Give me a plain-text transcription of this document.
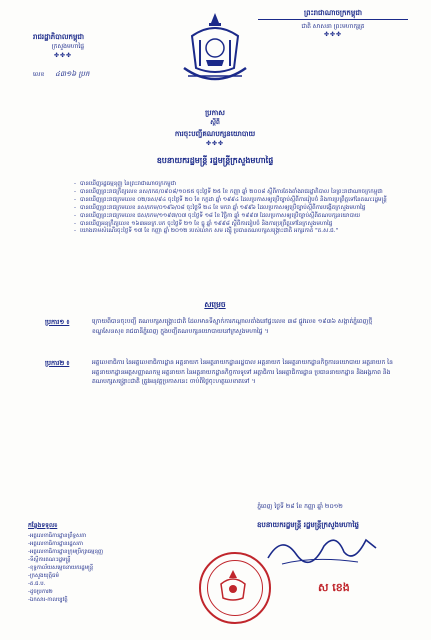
ព្រះរាជាណាចក្រកម្ពុជា
ជាតិ សាសនា ព្រះមហាក្សត្រ
✤✤✤
រាជរដ្ឋាភិបាលកម្ពុជា
ក្រសួងមហាផ្ទៃ
✤✤✤
លេខ ៤៣១៦ ប្រក
ប្រកាស
ស្តីពី
ការចុះបញ្ជីគណបក្សនយោបាយ
✤✤✤
ឧបនាយករដ្ឋមន្ត្រី រដ្ឋមន្ត្រីក្រសួងមហាផ្ទៃ
- បានឃើញរដ្ឋធម្មនុញ្ញ នៃព្រះរាជាណាចក្រកម្ពុជា
- បានឃើញព្រះរាជក្រឹត្យលេខ នស/រកត/០៩០៨/១០៥៥ ចុះថ្ងៃទី ២៥ ខែ កញ្ញា ឆ្នាំ ២០០៨ ស្តីពីការតែងតាំងរាជរដ្ឋាភិបាល នៃព្រះរាជាណាចក្រកម្ពុជា
- បានឃើញព្រះរាជក្រមលេខ ០២/នស/៩៤ ចុះថ្ងៃទី ២០ ខែ កក្កដា ឆ្នាំ ១៩៩៤ ដែលប្រកាសឲ្យប្រើច្បាប់ស្តីពីការរៀបចំ និងការប្រព្រឹត្តទៅនៃគណៈរដ្ឋមន្ត្រី
- បានឃើញព្រះរាជក្រមលេខ នស/រកម/០១៩៦/០៨ ចុះថ្ងៃទី ២៤ ខែ មករា ឆ្នាំ ១៩៩៦ ដែលប្រកាសឲ្យប្រើច្បាប់ស្តីពីការបង្កើតក្រសួងមហាផ្ទៃ
- បានឃើញព្រះរាជក្រមលេខ ជស/រកម/១១៩៧/០៧ ចុះថ្ងៃទី ១៨ ខែ វិច្ឆិកា ឆ្នាំ ១៩៩៧ ដែលប្រកាសឲ្យប្រើច្បាប់ស្តីពីគណបក្សនយោបាយ
- បានឃើញអនុក្រឹត្យលេខ ១៦៣អនក្រ.បក ចុះថ្ងៃទី ២១ ខែ ធ្នូ ឆ្នាំ ១៩៩៨ ស្តីពីការរៀបចំ និងការប្រព្រឹត្តទៅនៃក្រសួងមហាផ្ទៃ
- យោងតាមសំណើរចុះថ្ងៃទី ១៧ ខែ កញ្ញា ឆ្នាំ ២០១២ របស់លោក សម រង្ស៊ី ប្រធានគណបក្សសង្គ្រោះជាតិ អក្សរកាត់ "គ.ស.ជ."
សម្រេច
ប្រការ១ ៖	ក្រោយពីបានចុះបញ្ជី គណបក្សសង្គ្រោះជាតិ ដែលមានទីស្នាក់ការកណ្តាលតាំងនៅផ្ទះលេខ ៣៨ ផ្លូវលេខ ១៩៣៦ សង្កាត់ភ្នំពេញថ្មី ខណ្ឌសែនសុខ រាជធានីភ្នំពេញ ក្នុងបញ្ជីគណបក្សនយោបាយនៅក្រសួងមហាផ្ទៃ ។
ប្រការ២ ៖	អគ្គលេខាធិការ នៃអគ្គលេខាធិការដ្ឋាន អគ្គនាយក នៃអគ្គនាយកដ្ឋានរដ្ឋបាល អគ្គនាយក នៃអគ្គនាយកដ្ឋានកិច្ចការនយោបាយ អគ្គនាយក នៃអគ្គនាយកដ្ឋានអត្តសញ្ញាណកម្ម អគ្គនាយក នៃអគ្គនាយកដ្ឋានកិច្ចការទូទៅ អគ្គាធិការ នៃអគ្គាធិការដ្ឋាន ប្រធាននាយកដ្ឋាន និងអង្គភាព និងគណបក្សសង្គ្រោះជាតិ ត្រូវអនុវត្តប្រកាសនេះ ចាប់ពីថ្ងៃចុះហត្ថលេខាតទៅ ។
ភ្នំពេញ ថ្ងៃទី ២៨ ខែ កញ្ញា ឆ្នាំ ២០១២
ឧបនាយករដ្ឋមន្ត្រី រដ្ឋមន្ត្រីក្រសួងមហាផ្ទៃ
ស ខេង
កន្លែងទទួល៖
-អគ្គលេខាធិការដ្ឋានព្រឹទ្ធសភា
-អគ្គលេខាធិការដ្ឋានរដ្ឋសភា
-អគ្គលេខាធិការដ្ឋានក្រុមប្រឹក្សាធម្មនុញ្ញ
-ទីស្តីការគណៈរដ្ឋមន្ត្រី
-ខុទ្ទកាល័យសម្តេចនាយករដ្ឋមន្ត្រី
-ក្រសួងយុត្តិធម៌
-គ.ជ.ប.
-ដូចប្រការ២
-ឯកសារ-កាលប្បវត្តិ
